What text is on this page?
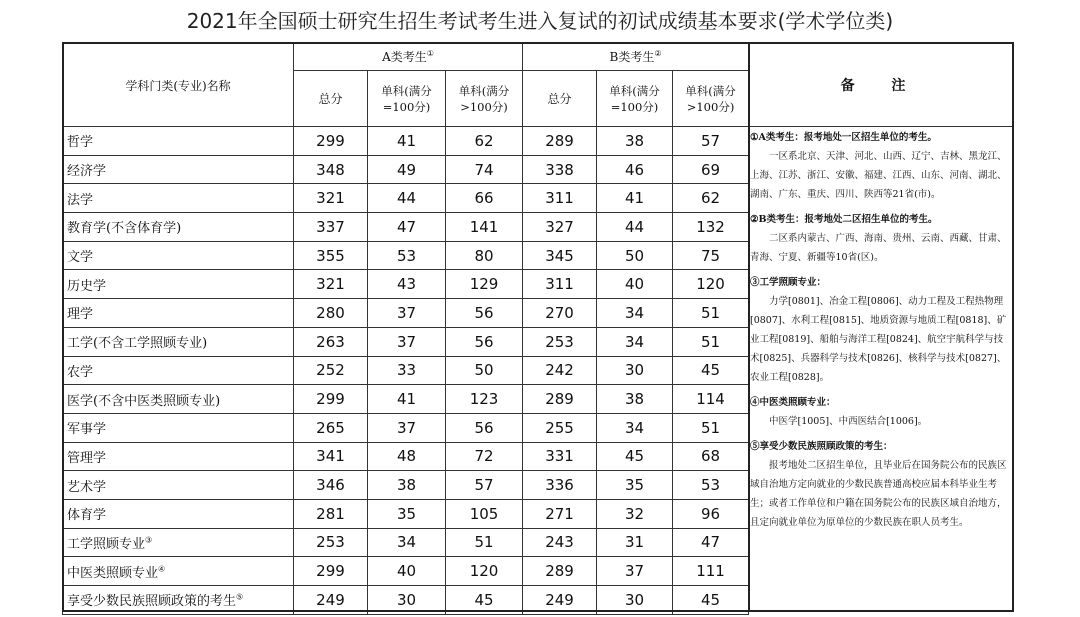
2021年全国硕士研究生招生考试考生进入复试的初试成绩基本要求(学术学位类)
学科门类(专业)名称	A类考生①			B类考生②
	总分	单科(满分=100分)	单科(满分>100分)	总分	单科(满分=100分)	单科(满分>100分)
哲学	299	41	62	289	38	57
经济学	348	49	74	338	46	69
法学	321	44	66	311	41	62
教育学(不含体育学)	337	47	141	327	44	132
文学	355	53	80	345	50	75
历史学	321	43	129	311	40	120
理学	280	37	56	270	34	51
工学(不含工学照顾专业)	263	37	56	253	34	51
农学	252	33	50	242	30	45
医学(不含中医类照顾专业)	299	41	123	289	38	114
军事学	265	37	56	255	34	51
管理学	341	48	72	331	45	68
艺术学	346	38	57	336	35	53
体育学	281	35	105	271	32	96
工学照顾专业③	253	34	51	243	31	47
中医类照顾专业④	299	40	120	289	37	111
享受少数民族照顾政策的考生⑤	249	30	45	249	30	45
备 注
①A类考生：报考地处一区招生单位的考生。
一区系北京、天津、河北、山西、辽宁、吉林、黑龙江、上海、江苏、浙江、安徽、福建、江西、山东、河南、湖北、湖南、广东、重庆、四川、陕西等21省(市)。
②B类考生：报考地处二区招生单位的考生。
二区系内蒙古、广西、海南、贵州、云南、西藏、甘肃、青海、宁夏、新疆等10省(区)。
③工学照顾专业：
力学[0801]、冶金工程[0806]、动力工程及工程热物理[0807]、水利工程[0815]、地质资源与地质工程[0818]、矿业工程[0819]、船舶与海洋工程[0824]、航空宇航科学与技术[0825]、兵器科学与技术[0826]、核科学与技术[0827]、农业工程[0828]。
④中医类照顾专业：
中医学[1005]、中西医结合[1006]。
⑤享受少数民族照顾政策的考生：
报考地处二区招生单位，且毕业后在国务院公布的民族区域自治地方定向就业的少数民族普通高校应届本科毕业生考生；或者工作单位和户籍在国务院公布的民族区域自治地方，且定向就业单位为原单位的少数民族在职人员考生。
